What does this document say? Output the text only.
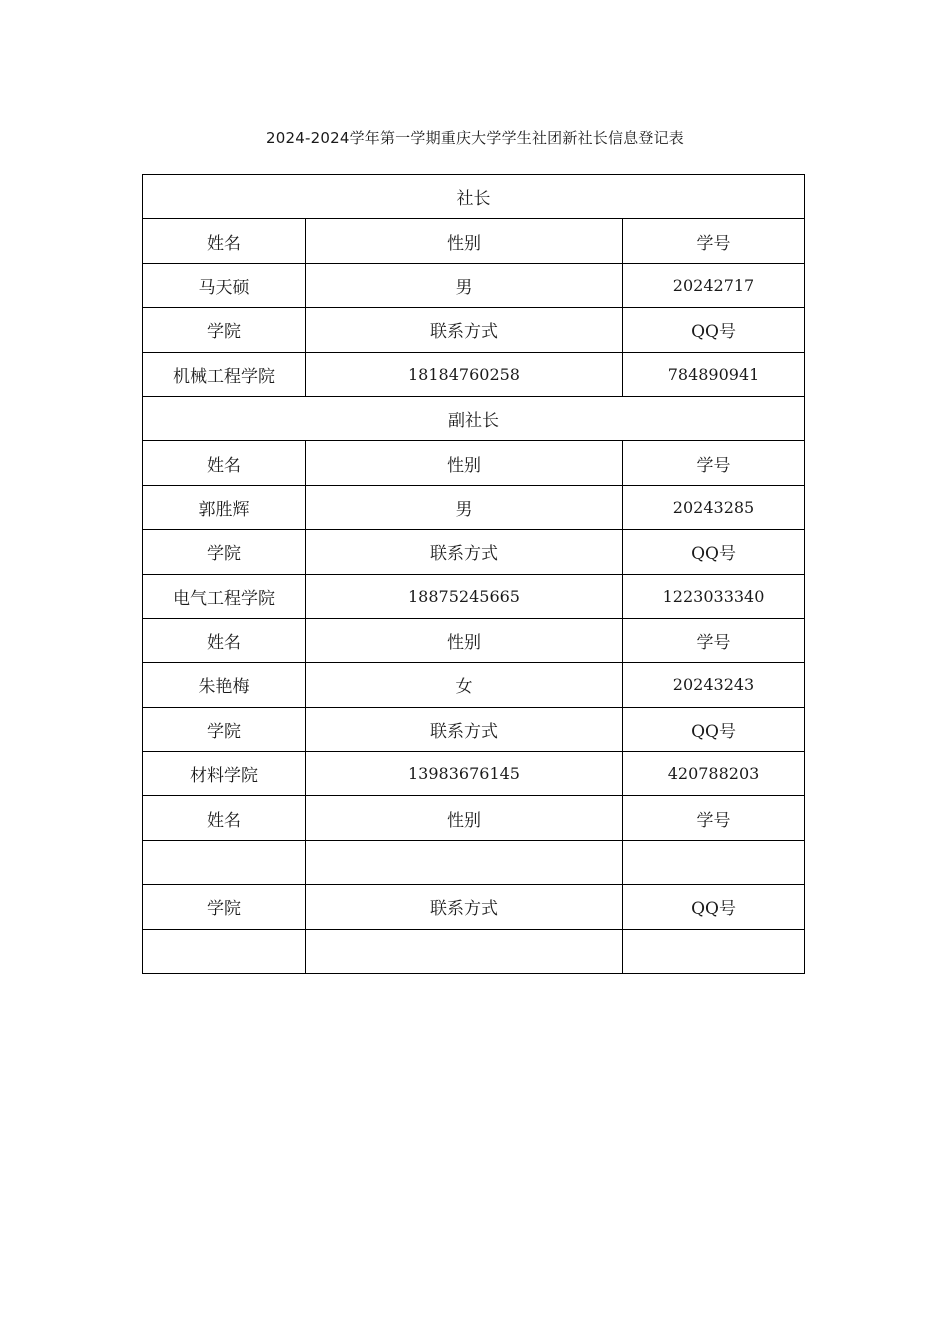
2024-2024学年第一学期重庆大学学生社团新社长信息登记表
社长		
姓名	性别	学号
马天硕	男	20242717
学院	联系方式	QQ号
机械工程学院	18184760258	784890941
副社长		
姓名	性别	学号
郭胜辉	男	20243285
学院	联系方式	QQ号
电气工程学院	18875245665	1223033340
姓名	性别	学号
朱艳梅	女	20243243
学院	联系方式	QQ号
材料学院	13983676145	420788203
姓名	性别	学号

学院	联系方式	QQ号
